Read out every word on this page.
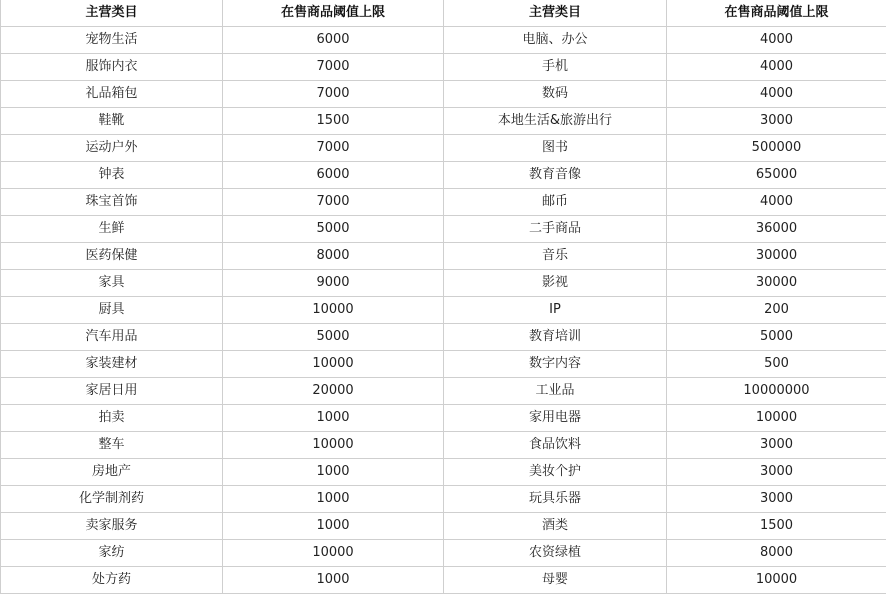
主营类目	在售商品阈值上限	主营类目	在售商品阈值上限
宠物生活	6000	电脑、办公	4000
服饰内衣	7000	手机	4000
礼品箱包	7000	数码	4000
鞋靴	1500	本地生活&旅游出行	3000
运动户外	7000	图书	500000
钟表	6000	教育音像	65000
珠宝首饰	7000	邮币	4000
生鲜	5000	二手商品	36000
医药保健	8000	音乐	30000
家具	9000	影视	30000
厨具	10000	IP	200
汽车用品	5000	教育培训	5000
家装建材	10000	数字内容	500
家居日用	20000	工业品	10000000
拍卖	1000	家用电器	10000
整车	10000	食品饮料	3000
房地产	1000	美妆个护	3000
化学制剂药	1000	玩具乐器	3000
卖家服务	1000	酒类	1500
家纺	10000	农资绿植	8000
处方药	1000	母婴	10000
